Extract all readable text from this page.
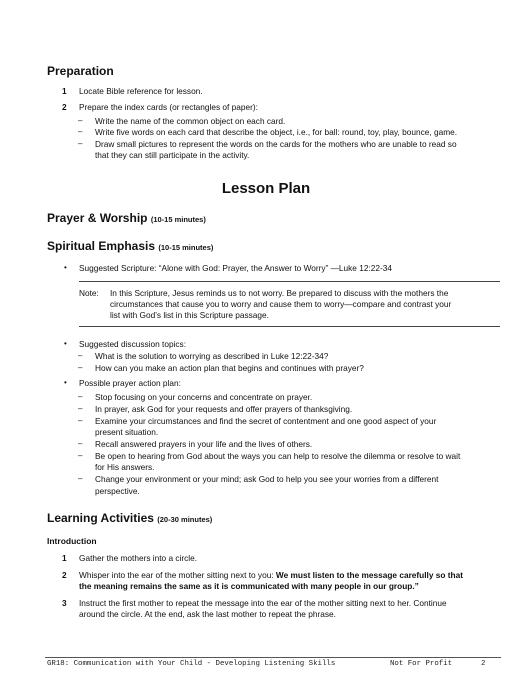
Preparation
1 Locate Bible reference for lesson.
2 Prepare the index cards (or rectangles of paper):
– Write the name of the common object on each card.
– Write five words on each card that describe the object, i.e., for ball: round, toy, play, bounce, game.
– Draw small pictures to represent the words on the cards for the mothers who are unable to read so
that they can still participate in the activity.
Lesson Plan
Prayer & Worship (10-15 minutes)
Spiritual Emphasis (10-15 minutes)
• Suggested Scripture: “Alone with God: Prayer, the Answer to Worry” —Luke 12:22-34
Note: In this Scripture, Jesus reminds us to not worry. Be prepared to discuss with the mothers the
circumstances that cause you to worry and cause them to worry—compare and contrast your
list with God’s list in this Scripture passage.
• Suggested discussion topics:
– What is the solution to worrying as described in Luke 12:22-34?
– How can you make an action plan that begins and continues with prayer?
• Possible prayer action plan:
– Stop focusing on your concerns and concentrate on prayer.
– In prayer, ask God for your requests and offer prayers of thanksgiving.
– Examine your circumstances and find the secret of contentment and one good aspect of your
present situation.
– Recall answered prayers in your life and the lives of others.
– Be open to hearing from God about the ways you can help to resolve the dilemma or resolve to wait
for His answers.
– Change your environment or your mind; ask God to help you see your worries from a different
perspective.
Learning Activities (20-30 minutes)
Introduction
1 Gather the mothers into a circle.
2 Whisper into the ear of the mother sitting next to you: We must listen to the message carefully so that
the meaning remains the same as it is communicated with many people in our group.”
3 Instruct the first mother to repeat the message into the ear of the mother sitting next to her. Continue
around the circle. At the end, ask the last mother to repeat the phrase.
GR18: Communication with Your Child - Developing Listening Skills	Not For Profit	2
